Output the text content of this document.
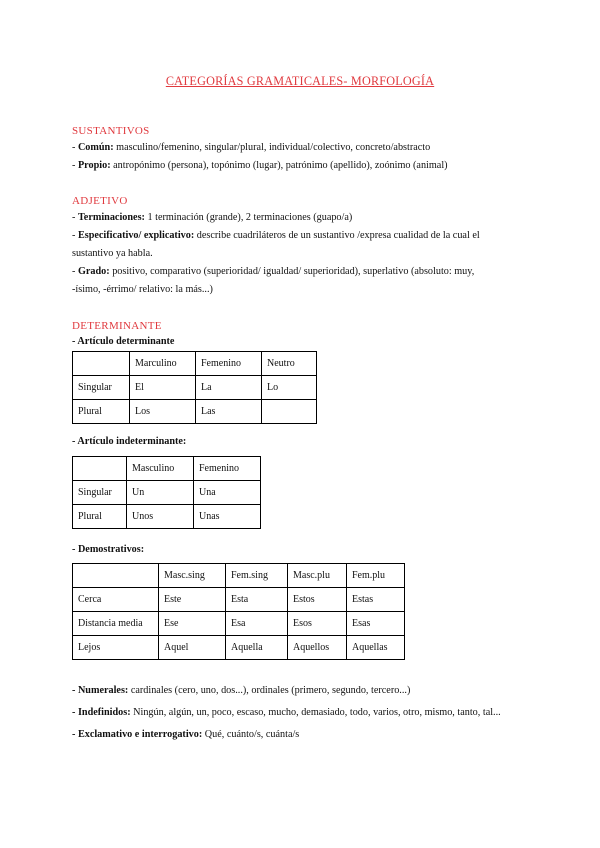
CATEGORÍAS GRAMATICALES- MORFOLOGÍA
SUSTANTIVOS
- Común: masculino/femenino, singular/plural, individual/colectivo, concreto/abstracto
- Propio: antropónimo (persona), topónimo (lugar), patrónimo (apellido), zoónimo (animal)
ADJETIVO
- Terminaciones: 1 terminación (grande), 2 terminaciones (guapo/a)
- Especificativo/ explicativo: describe cuadriláteros de un sustantivo /expresa cualidad de la cual el sustantivo ya habla.
- Grado: positivo, comparativo (superioridad/ igualdad/ superioridad), superlativo (absoluto: muy, -ísimo, -érrimo/ relativo: la más...)
DETERMINANTE
- Artículo determinante
	Marculino	Femenino	Neutro
Singular	El	La	Lo
Plural	Los	Las	
- Artículo indeterminante:
	Masculino	Femenino
Singular	Un	Una
Plural	Unos	Unas
- Demostrativos:
	Masc.sing	Fem.sing	Masc.plu	Fem.plu
Cerca	Este	Esta	Estos	Estas
Distancia media	Ese	Esa	Esos	Esas
Lejos	Aquel	Aquella	Aquellos	Aquellas
- Numerales: cardinales (cero, uno, dos...), ordinales (primero, segundo, tercero...)
- Indefinidos: Ningún, algún, un, poco, escaso, mucho, demasiado, todo, varios, otro, mismo, tanto, tal...
- Exclamativo e interrogativo: Qué, cuánto/s, cuánta/s
